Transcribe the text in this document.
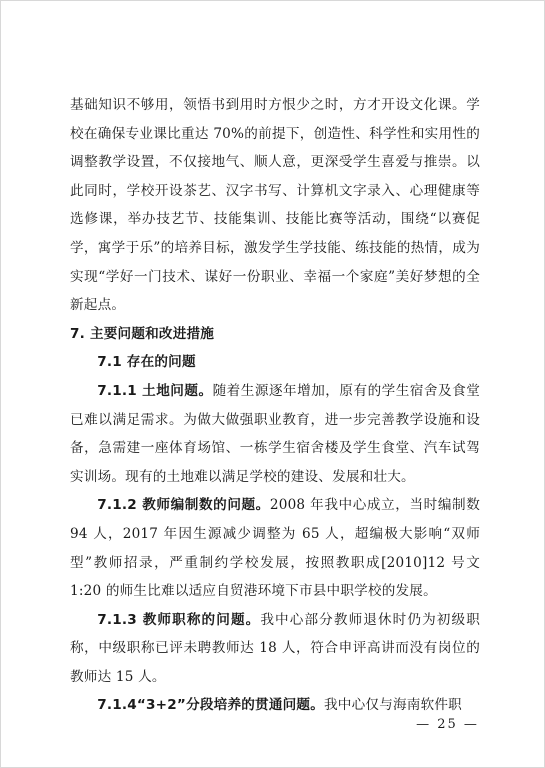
基础知识不够用，领悟书到用时方恨少之时，方才开设文化课。学校在确保专业课比重达 70%的前提下，创造性、科学性和实用性的调整教学设置，不仅接地气、顺人意，更深受学生喜爱与推崇。以此同时，学校开设茶艺、汉字书写、计算机文字录入、心理健康等选修课，举办技艺节、技能集训、技能比赛等活动，围绕“以赛促学，寓学于乐”的培养目标，激发学生学技能、练技能的热情，成为实现“学好一门技术、谋好一份职业、幸福一个家庭”美好梦想的全新起点。

7. 主要问题和改进措施

7.1 存在的问题

7.1.1 土地问题。随着生源逐年增加，原有的学生宿舍及食堂已难以满足需求。为做大做强职业教育，进一步完善教学设施和设备，急需建一座体育场馆、一栋学生宿舍楼及学生食堂、汽车试驾实训场。现有的土地难以满足学校的建设、发展和壮大。

7.1.2 教师编制数的问题。2008 年我中心成立，当时编制数 94 人，2017 年因生源减少调整为 65 人，超编极大影响“双师型”教师招录，严重制约学校发展，按照教职成[2010]12 号文 1:20 的师生比难以适应自贸港环境下市县中职学校的发展。

7.1.3 教师职称的问题。我中心部分教师退休时仍为初级职称，中级职称已评未聘教师达 18 人，符合申评高讲而没有岗位的教师达 15 人。

7.1.4“3+2”分段培养的贯通问题。我中心仅与海南软件职

— 25 —
